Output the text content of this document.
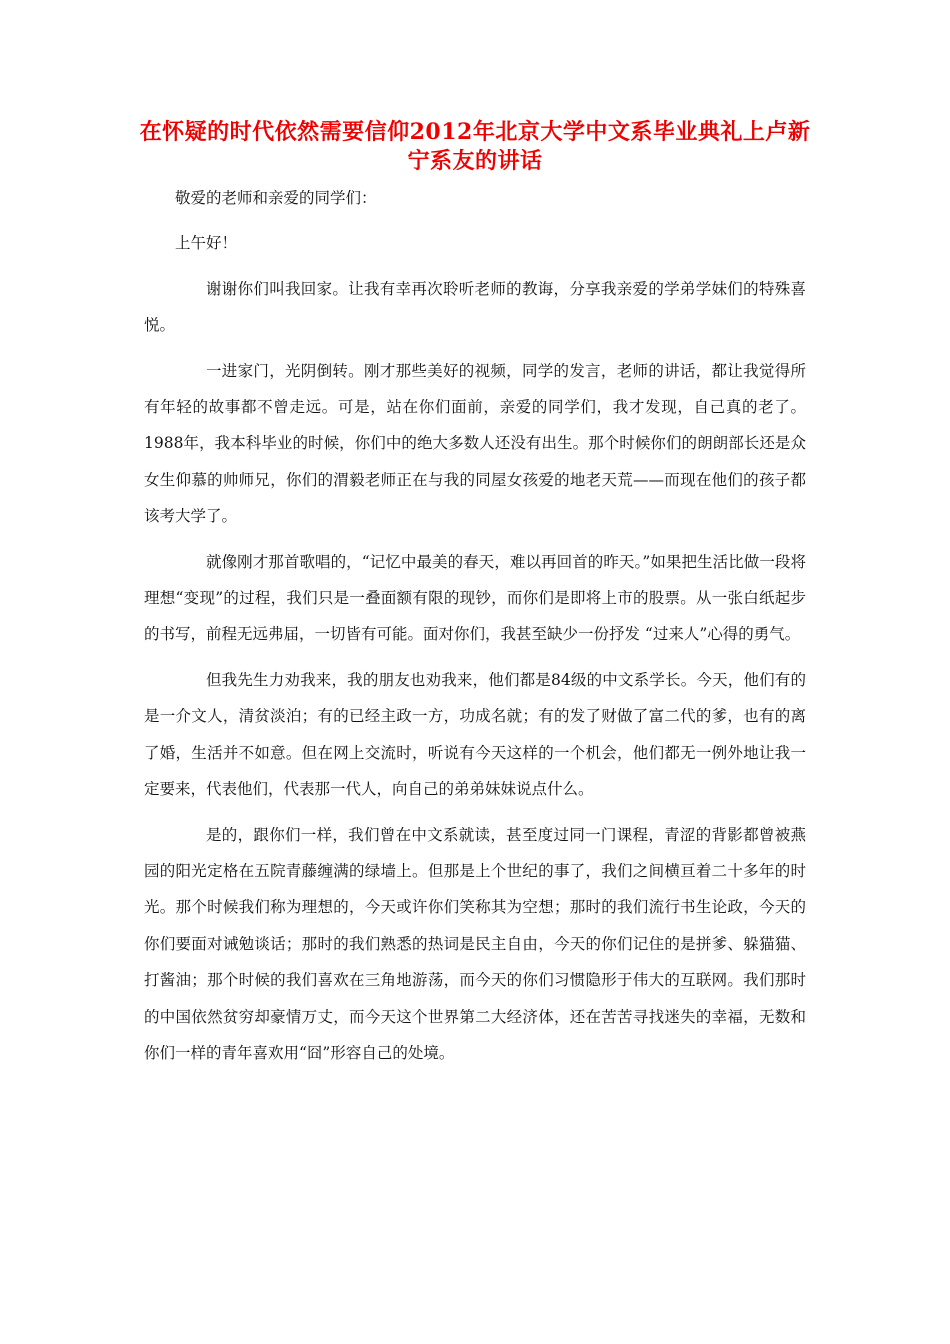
在怀疑的时代依然需要信仰2012年北京大学中文系毕业典礼上卢新宁系友的讲话

敬爱的老师和亲爱的同学们：

上午好！

谢谢你们叫我回家。让我有幸再次聆听老师的教诲，分享我亲爱的学弟学妹们的特殊喜悦。

一进家门，光阴倒转。刚才那些美好的视频，同学的发言，老师的讲话，都让我觉得所有年轻的故事都不曾走远。可是，站在你们面前，亲爱的同学们，我才发现，自己真的老了。1988年，我本科毕业的时候，你们中的绝大多数人还没有出生。那个时候你们的朗朗部长还是众女生仰慕的帅师兄，你们的渭毅老师正在与我的同屋女孩爱的地老天荒——而现在他们的孩子都该考大学了。

就像刚才那首歌唱的，“记忆中最美的春天，难以再回首的昨天。”如果把生活比做一段将理想“变现”的过程，我们只是一叠面额有限的现钞，而你们是即将上市的股票。从一张白纸起步的书写，前程无远弗届，一切皆有可能。面对你们，我甚至缺少一份抒发 “过来人”心得的勇气。

但我先生力劝我来，我的朋友也劝我来，他们都是84级的中文系学长。今天，他们有的是一介文人，清贫淡泊；有的已经主政一方，功成名就；有的发了财做了富二代的爹，也有的离了婚，生活并不如意。但在网上交流时，听说有今天这样的一个机会，他们都无一例外地让我一定要来，代表他们，代表那一代人，向自己的弟弟妹妹说点什么。

是的，跟你们一样，我们曾在中文系就读，甚至度过同一门课程，青涩的背影都曾被燕园的阳光定格在五院青藤缠满的绿墙上。但那是上个世纪的事了，我们之间横亘着二十多年的时光。那个时候我们称为理想的，今天或许你们笑称其为空想；那时的我们流行书生论政，今天的你们要面对诫勉谈话；那时的我们熟悉的热词是民主自由，今天的你们记住的是拼爹、躲猫猫、打酱油；那个时候的我们喜欢在三角地游荡，而今天的你们习惯隐形于伟大的互联网。我们那时的中国依然贫穷却豪情万丈，而今天这个世界第二大经济体，还在苦苦寻找迷失的幸福，无数和你们一样的青年喜欢用“囧”形容自己的处境。
